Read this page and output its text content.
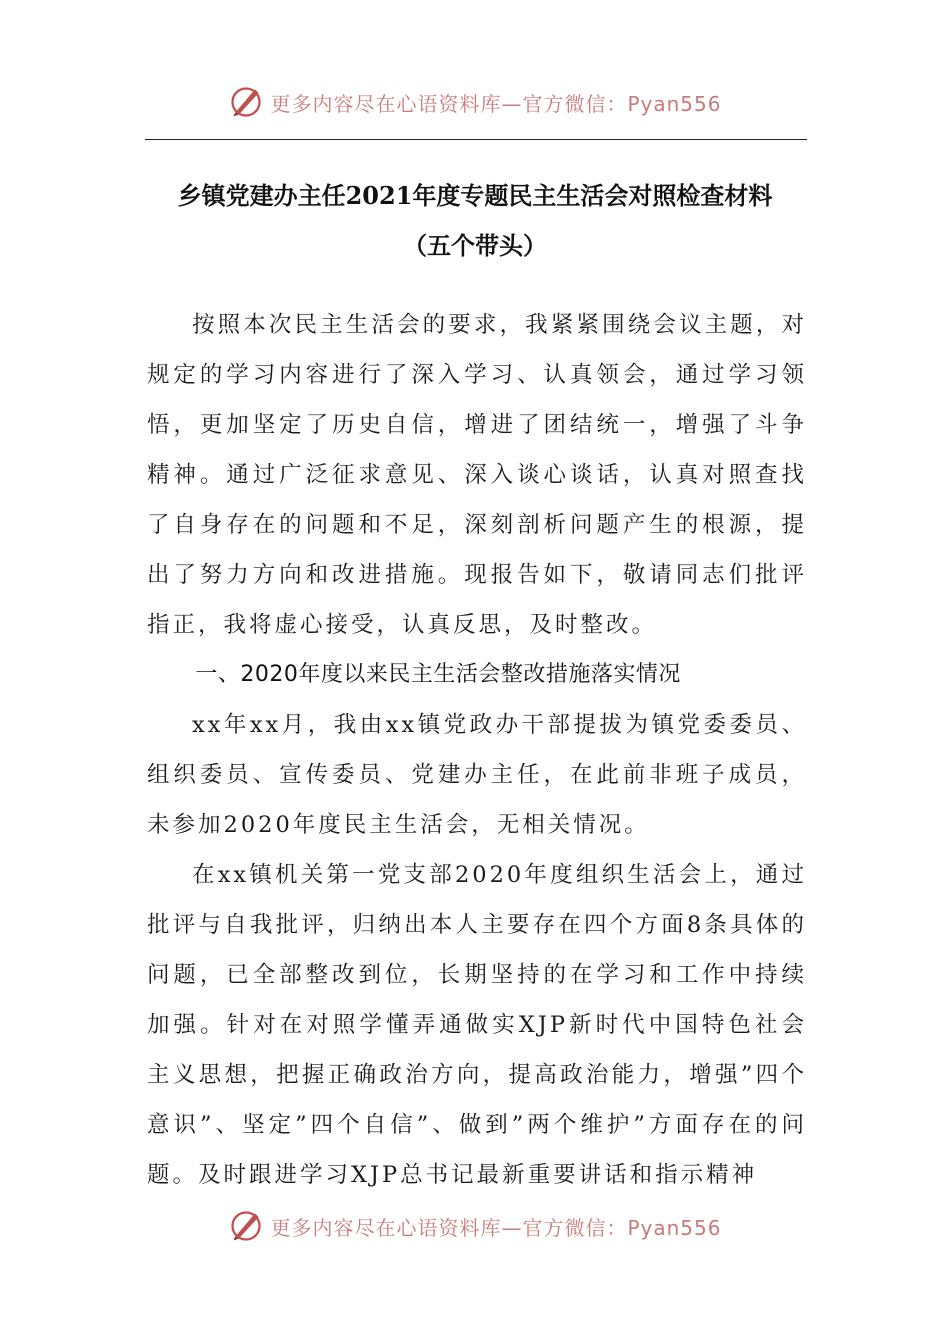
更多内容尽在心语资料库—官方微信：Pyan556
乡镇党建办主任2021年度专题民主生活会对照检查材料
（五个带头）

按照本次民主生活会的要求，我紧紧围绕会议主题，对规定的学习内容进行了深入学习、认真领会，通过学习领悟，更加坚定了历史自信，增进了团结统一，增强了斗争精神。通过广泛征求意见、深入谈心谈话，认真对照查找了自身存在的问题和不足，深刻剖析问题产生的根源，提出了努力方向和改进措施。现报告如下，敬请同志们批评指正，我将虚心接受，认真反思，及时整改。

一、2020年度以来民主生活会整改措施落实情况

xx年xx月，我由xx镇党政办干部提拔为镇党委委员、组织委员、宣传委员、党建办主任，在此前非班子成员，未参加2020年度民主生活会，无相关情况。

在xx镇机关第一党支部2020年度组织生活会上，通过批评与自我批评，归纳出本人主要存在四个方面8条具体的问题，已全部整改到位，长期坚持的在学习和工作中持续加强。针对在对照学懂弄通做实XJP新时代中国特色社会主义思想，把握正确政治方向，提高政治能力，增强”四个意识”、坚定”四个自信”、做到”两个维护”方面存在的问题。及时跟进学习XJP总书记最新重要讲话和指示精神

更多内容尽在心语资料库—官方微信：Pyan556
